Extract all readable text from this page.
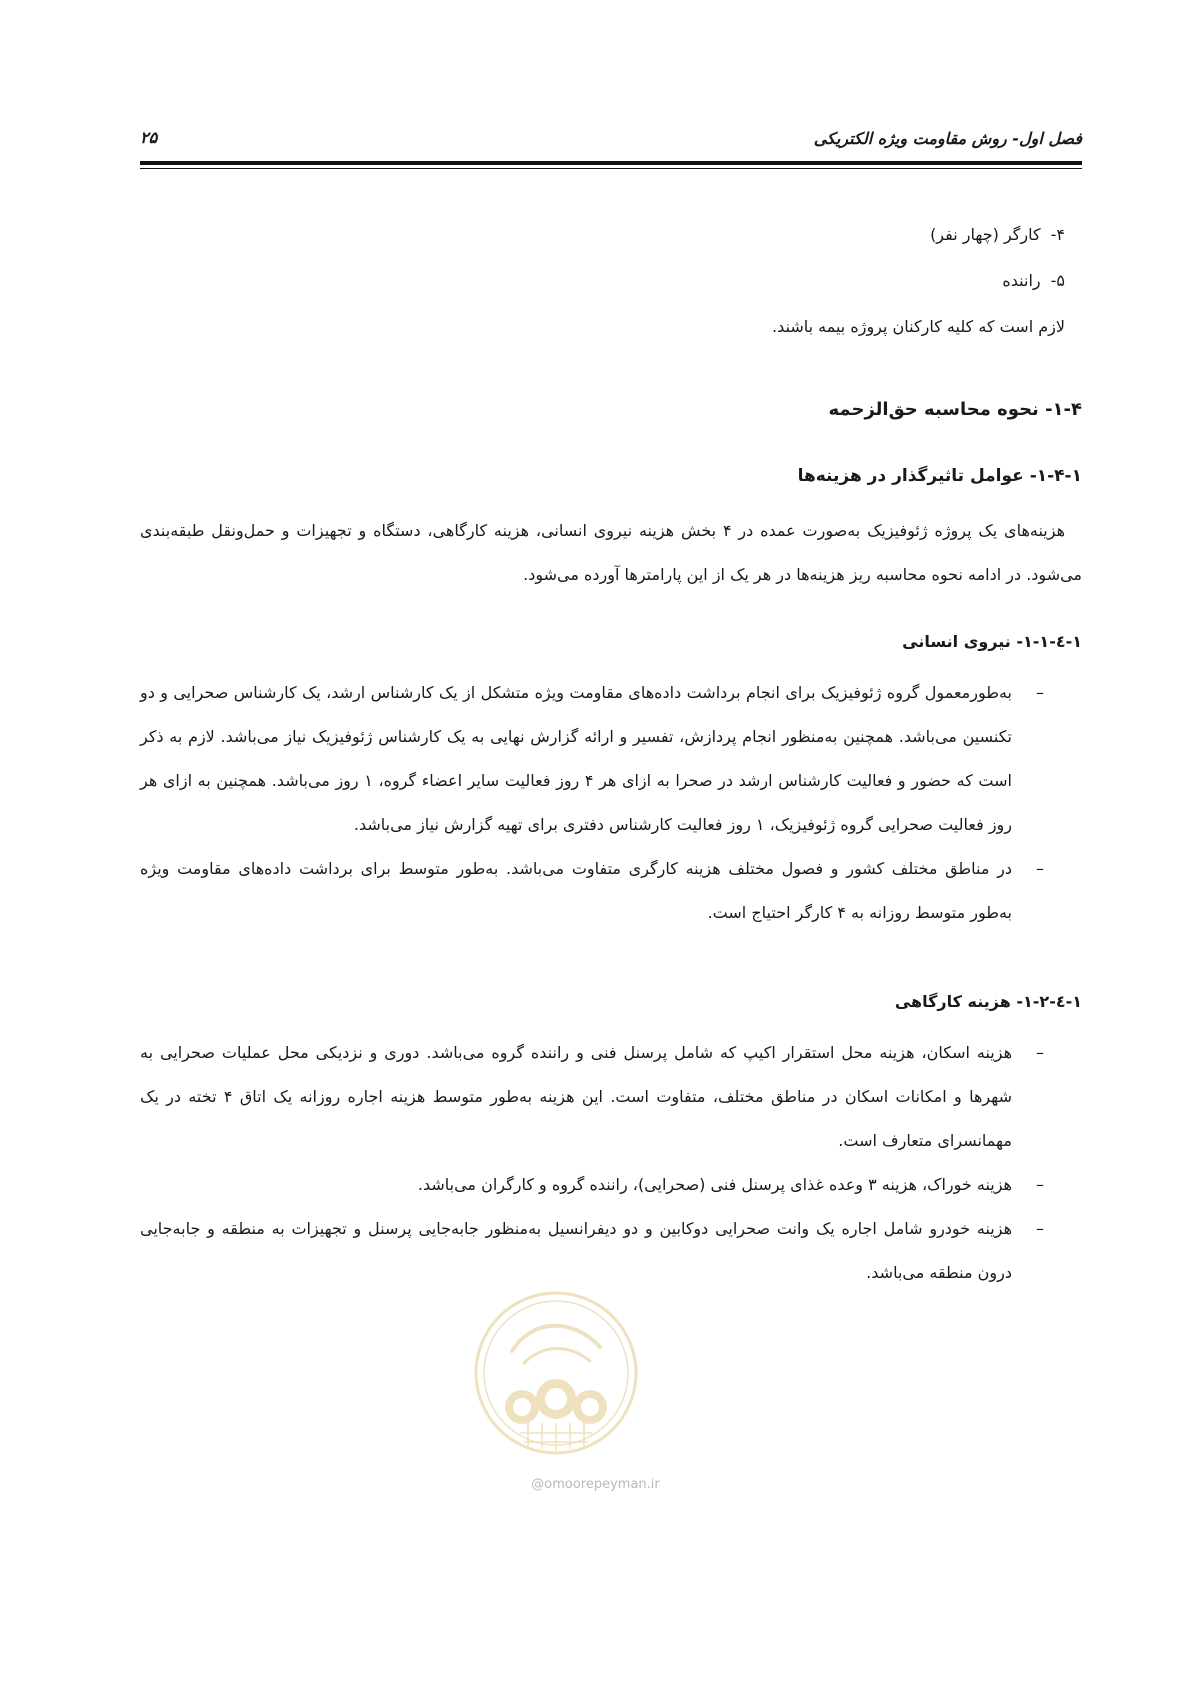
فصل اول- روش مقاومت ویژه الکتریکی
۲۵
۴-کارگر (چهار نفر)
۵-راننده

لازم است که کلیه کارکنان پروژه بیمه باشند.

۱-۴- نحوه محاسبه حق‌الزحمه
۱-۴-۱- عوامل تاثیرگذار در هزینه‌ها

هزینه‌های یک پروژه ژئوفیزیک به‌صورت عمده در ۴ بخش هزینه نیروی انسانی، هزینه کارگاهی، دستگاه و تجهیزات و حمل‌ونقل طبقه‌بندی می‌شود. در ادامه نحوه محاسبه ریز هزینه‌ها در هر یک از این پارامترها آورده می‌شود.

۱-٤-۱-۱- نیروی انسانی
–
به‌طورمعمول گروه ژئوفیزیک برای انجام برداشت داده‌های مقاومت ویژه متشکل از یک کارشناس ارشد، یک کارشناس صحرایی و دو تکنسین می‌باشد. همچنین به‌منظور انجام پردازش، تفسیر و ارائه گزارش نهایی به یک کارشناس ژئوفیزیک نیاز می‌باشد. لازم به ذکر است که حضور و فعالیت کارشناس ارشد در صحرا به ازای هر ۴ روز فعالیت سایر اعضاء گروه، ۱ روز می‌باشد. همچنین به ازای هر روز فعالیت صحرایی گروه ژئوفیزیک، ۱ روز فعالیت کارشناس دفتری برای تهیه گزارش نیاز می‌باشد.
–
در مناطق مختلف کشور و فصول مختلف هزینه کارگری متفاوت می‌باشد. به‌طور متوسط برای برداشت داده‌های مقاومت ویژه به‌طور متوسط روزانه به ۴ کارگر احتیاج است.
۱-٤-۱-۲- هزینه کارگاهی
–
هزینه اسکان، هزینه محل استقرار اکیپ که شامل پرسنل فنی و راننده گروه می‌باشد. دوری و نزدیکی محل عملیات صحرایی به شهرها و امکانات اسکان در مناطق مختلف، متفاوت است. این هزینه به‌طور متوسط هزینه اجاره روزانه یک اتاق ۴ تخته در یک مهمانسرای متعارف است.
–
هزینه خوراک، هزینه ۳ وعده غذای پرسنل فنی (صحرایی)، راننده گروه و کارگران می‌باشد.
–
هزینه خودرو شامل اجاره یک وانت صحرایی دوکابین و دو دیفرانسیل به‌منظور جابه‌جایی پرسنل و تجهیزات به منطقه و جابه‌جایی درون منطقه می‌باشد.
@omoorepeyman.ir
